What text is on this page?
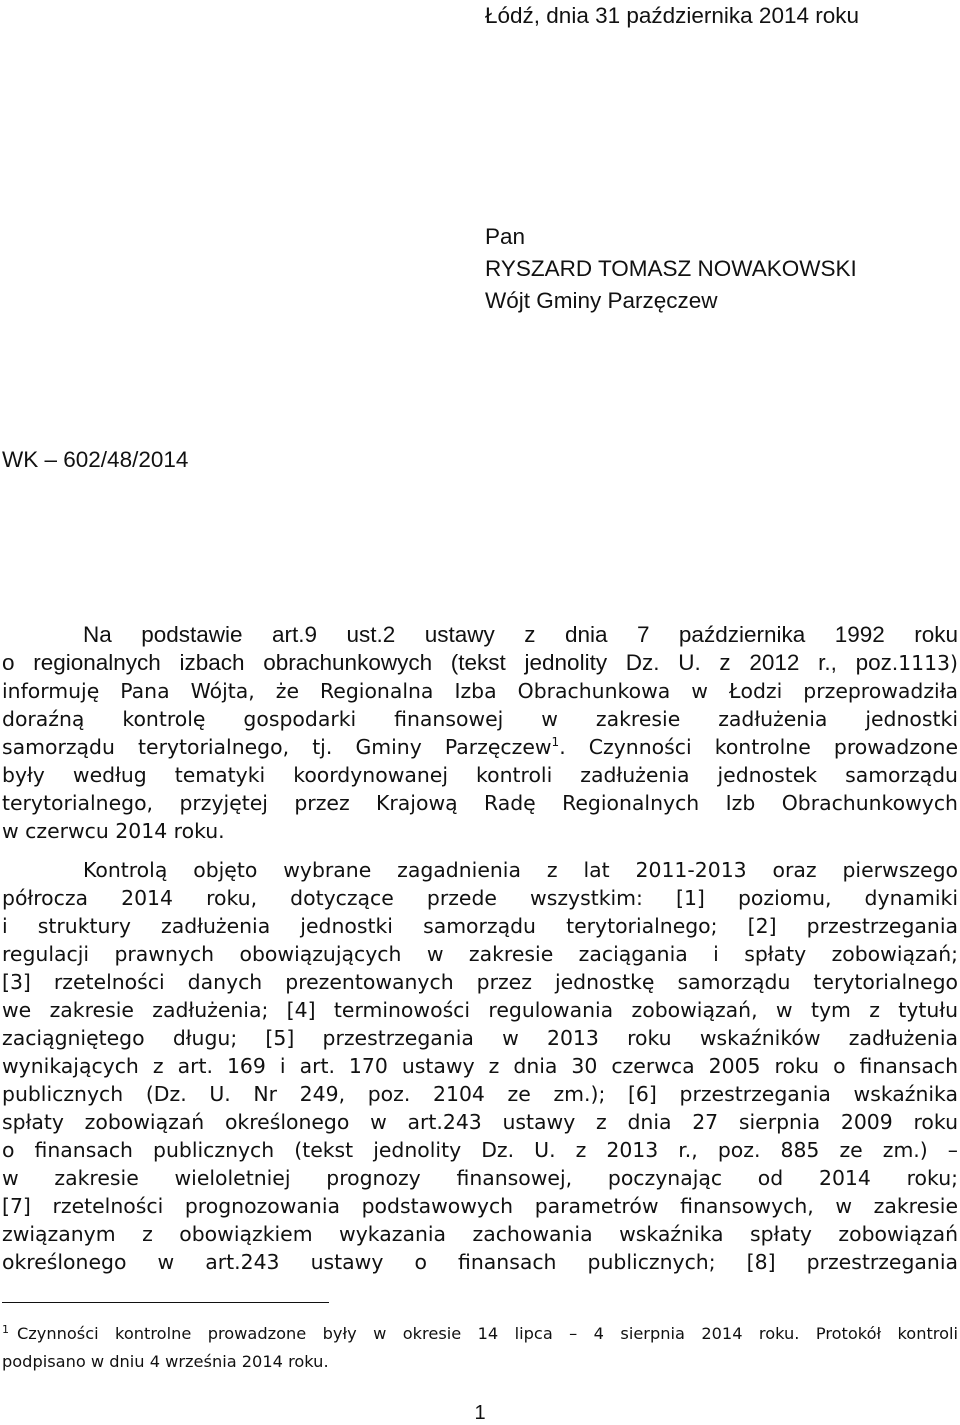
Łódź, dnia 31 października 2014 roku
Pan
RYSZARD TOMASZ NOWAKOWSKI
Wójt Gminy Parzęczew
WK – 602/48/2014
Na podstawie art.9 ust.2 ustawy z dnia 7 października 1992 roku
o regionalnych izbach obrachunkowych (tekst jednolity Dz. U. z 2012 r., poz.1113)
informuję Pana Wójta, że Regionalna Izba Obrachunkowa w Łodzi przeprowadziła
doraźną kontrolę gospodarki finansowej w zakresie zadłużenia jednostki
samorządu terytorialnego, tj. Gminy Parzęczew$^1$. Czynności kontrolne prowadzone
były według tematyki koordynowanej kontroli zadłużenia jednostek samorządu
terytorialnego, przyjętej przez Krajową Radę Regionalnych Izb Obrachunkowych
w czerwcu 2014 roku.
Kontrolą objęto wybrane zagadnienia z lat 2011-2013 oraz pierwszego
półrocza 2014 roku, dotyczące przede wszystkim: [1] poziomu, dynamiki
i struktury zadłużenia jednostki samorządu terytorialnego; [2] przestrzegania
regulacji prawnych obowiązujących w zakresie zaciągania i spłaty zobowiązań;
[3] rzetelności danych prezentowanych przez jednostkę samorządu terytorialnego
we zakresie zadłużenia; [4] terminowości regulowania zobowiązań, w tym z tytułu
zaciągniętego długu; [5] przestrzegania w 2013 roku wskaźników zadłużenia
wynikających z art. 169 i art. 170 ustawy z dnia 30 czerwca 2005 roku o finansach
publicznych (Dz. U. Nr 249, poz. 2104 ze zm.); [6] przestrzegania wskaźnika
spłaty zobowiązań określonego w art.243 ustawy z dnia 27 sierpnia 2009 roku
o finansach publicznych (tekst jednolity Dz. U. z 2013 r., poz. 885 ze zm.) –
w zakresie wieloletniej prognozy finansowej, poczynając od 2014 roku;
[7] rzetelności prognozowania podstawowych parametrów finansowych, w zakresie
związanym z obowiązkiem wykazania zachowania wskaźnika spłaty zobowiązań
określonego w art.243 ustawy o finansach publicznych; [8] przestrzegania
$^1$ Czynności kontrolne prowadzone były w okresie 14 lipca – 4 sierpnia 2014 roku. Protokół kontroli
podpisano w dniu 4 września 2014 roku.
1
